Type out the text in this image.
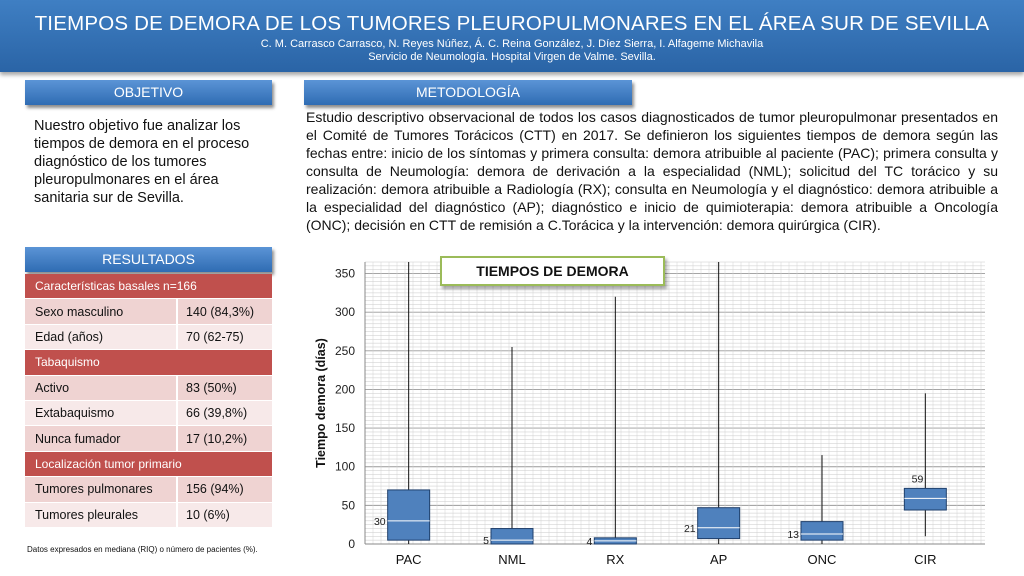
TIEMPOS DE DEMORA DE LOS TUMORES PLEUROPULMONARES EN EL ÁREA SUR DE SEVILLA
C. M. Carrasco Carrasco, N. Reyes Núñez, Á. C. Reina González, J. Díez Sierra, I. Alfageme Michavila
Servicio de Neumología. Hospital Virgen de Valme. Sevilla.
OBJETIVO
Nuestro objetivo fue analizar los tiempos de demora en el proceso diagnóstico de los tumores pleuropulmonares en el área sanitaria sur de Sevilla.
METODOLOGÍA
Estudio descriptivo observacional de todos los casos diagnosticados de tumor pleuropulmonar presentados en el Comité de Tumores Torácicos (CTT) en 2017. Se definieron los siguientes tiempos de demora según las fechas entre: inicio de los síntomas y primera consulta: demora atribuible al paciente (PAC); primera consulta y consulta de Neumología: demora de derivación a la especialidad (NML); solicitud del TC torácico y su realización: demora atribuible a Radiología (RX); consulta en Neumología y el diagnóstico: demora atribuible a la especialidad del diagnóstico (AP); diagnóstico e inicio de quimioterapia: demora atribuible a Oncología (ONC); decisión en CTT de remisión a C.Torácica y la intervención: demora quirúrgica (CIR).
RESULTADOS
Características basales n=166
Sexo masculino	140 (84,3%)
Edad (años)	70 (62-75)
Tabaquismo
Activo	83 (50%)
Extabaquismo	66 (39,8%)
Nunca fumador	17 (10,2%)
Localización tumor primario
Tumores pulmonares	156 (94%)
Tumores pleurales	10 (6%)
Datos expresados en mediana (RIQ) o número de pacientes (%).	0
50
100
150
200
250
300
350
Tiempo demora (días)
30
PAC
5
NML
4
RX
21
AP
13
ONC
59
CIR
TIEMPOS DE DEMORA
